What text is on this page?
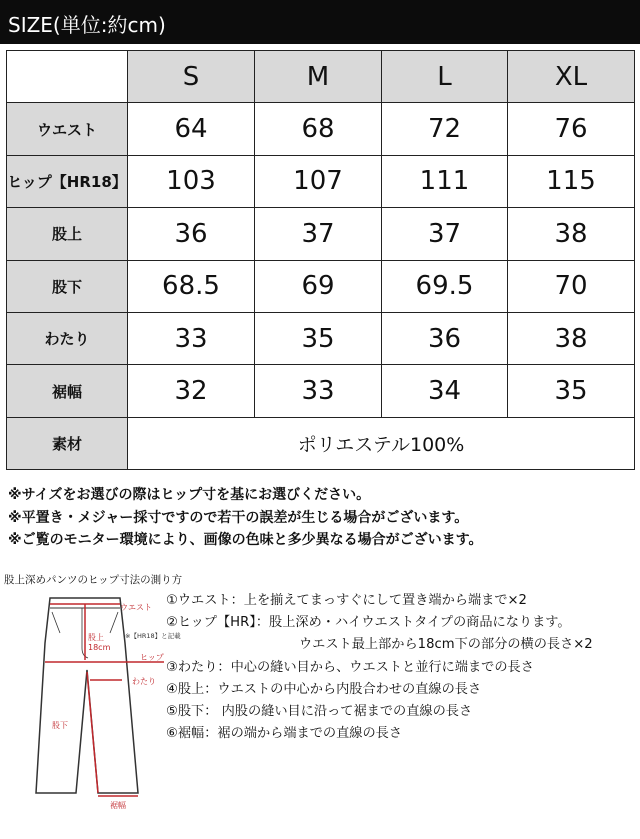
SIZE(単位:約cm)
	S	M	L	XL
ウエスト	64	68	72	76
ヒップ【HR18】	103	107	111	115
股上	36	37	37	38
股下	68.5	69	69.5	70
わたり	33	35	36	38
裾幅	32	33	34	35
素材	ポリエステル100%			
※サイズをお選びの際はヒップ寸を基にお選びください。
※平置き・メジャー採寸ですので若干の誤差が生じる場合がございます。
※ご覧のモニター環境により、画像の色味と多少異なる場合がございます。
股上深めパンツのヒップ寸法の測り方
ウエスト
股上
18cm
※【HR18】と記載
ヒップ
わたり
股下
裾幅
①ウエスト：上を揃えてまっすぐにして置き端から端まで×2
②ヒップ【HR】：股上深め・ハイウエストタイプの商品になります。
ウエスト最上部から18cm下の部分の横の長さ×2
③わたり：中心の縫い目から、ウエストと並行に端までの長さ
④股上：ウエストの中心から内股合わせの直線の長さ
⑤股下： 内股の縫い目に沿って裾までの直線の長さ
⑥裾幅：裾の端から端までの直線の長さ
